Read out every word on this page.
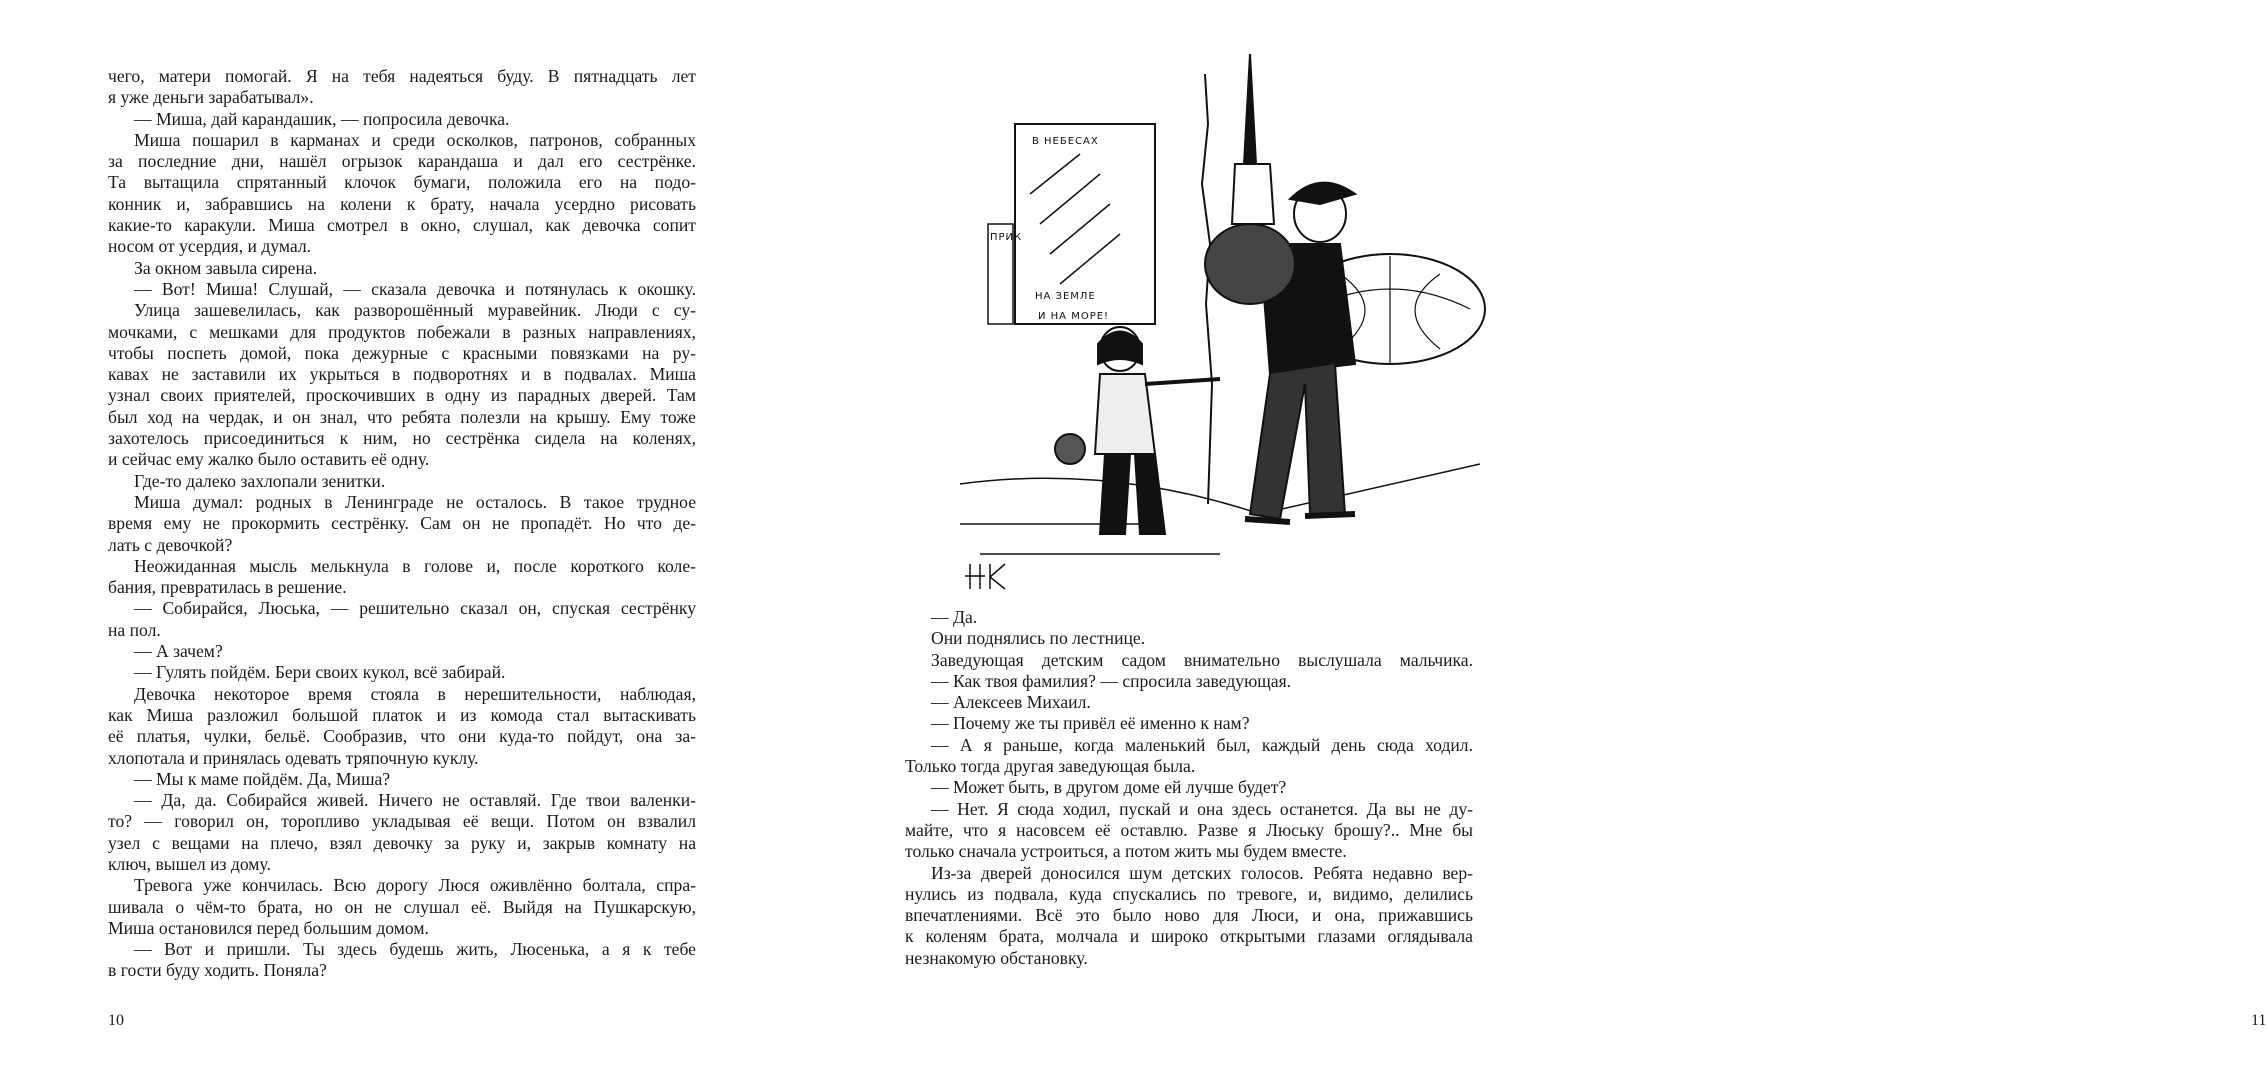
чего, матери помогай. Я на тебя надеяться буду. В пятнадцать лет
я уже деньги зарабатывал».
— Миша, дай карандашик, — попросила девочка.
Миша пошарил в карманах и среди осколков, патронов, собранных
за последние дни, нашёл огрызок карандаша и дал его сестрёнке.
Та вытащила спрятанный клочок бумаги, положила его на подо-
конник и, забравшись на колени к брату, начала усердно рисовать
какие-то каракули. Миша смотрел в окно, слушал, как девочка сопит
носом от усердия, и думал.
За окном завыла сирена.
— Вот! Миша! Слушай, — сказала девочка и потянулась к окошку.
Улица зашевелилась, как разворошённый муравейник. Люди с су-
мочками, с мешками для продуктов побежали в разных направлениях,
чтобы поспеть домой, пока дежурные с красными повязками на ру-
кавах не заставили их укрыться в подворотнях и в подвалах. Миша
узнал своих приятелей, проскочивших в одну из парадных дверей. Там
был ход на чердак, и он знал, что ребята полезли на крышу. Ему тоже
захотелось присоединиться к ним, но сестрёнка сидела на коленях,
и сейчас ему жалко было оставить её одну.
Где-то далеко захлопали зенитки.
Миша думал: родных в Ленинграде не осталось. В такое трудное
время ему не прокормить сестрёнку. Сам он не пропадёт. Но что де-
лать с девочкой?
Неожиданная мысль мелькнула в голове и, после короткого коле-
бания, превратилась в решение.
— Собирайся, Люська, — решительно сказал он, спуская сестрёнку
на пол.
— А зачем?
— Гулять пойдём. Бери своих кукол, всё забирай.
Девочка некоторое время стояла в нерешительности, наблюдая,
как Миша разложил большой платок и из комода стал вытаскивать
её платья, чулки, бельё. Сообразив, что они куда-то пойдут, она за-
хлопотала и принялась одевать тряпочную куклу.
— Мы к маме пойдём. Да, Миша?
— Да, да. Собирайся живей. Ничего не оставляй. Где твои валенки-
то? — говорил он, торопливо укладывая её вещи. Потом он взвалил
узел с вещами на плечо, взял девочку за руку и, закрыв комнату на
ключ, вышел из дому.
Тревога уже кончилась. Всю дорогу Люся оживлённо болтала, спра-
шивала о чём-то брата, но он не слушал её. Выйдя на Пушкарскую,
Миша остановился перед большим домом.
— Вот и пришли. Ты здесь будешь жить, Люсенька, а я к тебе
в гости буду ходить. Поняла?
10	11
В НЕБЕСАХ
НА ЗЕМЛЕ
И НА МОРЕ!
ПРИК
— Да.
Они поднялись по лестнице.
Заведующая детским садом внимательно выслушала мальчика.
— Как твоя фамилия? — спросила заведующая.
— Алексеев Михаил.
— Почему же ты привёл её именно к нам?
— А я раньше, когда маленький был, каждый день сюда ходил.
Только тогда другая заведующая была.
— Может быть, в другом доме ей лучше будет?
— Нет. Я сюда ходил, пускай и она здесь останется. Да вы не ду-
майте, что я насовсем её оставлю. Разве я Люську брошу?.. Мне бы
только сначала устроиться, а потом жить мы будем вместе.
Из-за дверей доносился шум детских голосов. Ребята недавно вер-
нулись из подвала, куда спускались по тревоге, и, видимо, делились
впечатлениями. Всё это было ново для Люси, и она, прижавшись
к коленям брата, молчала и широко открытыми глазами оглядывала
незнакомую обстановку.
